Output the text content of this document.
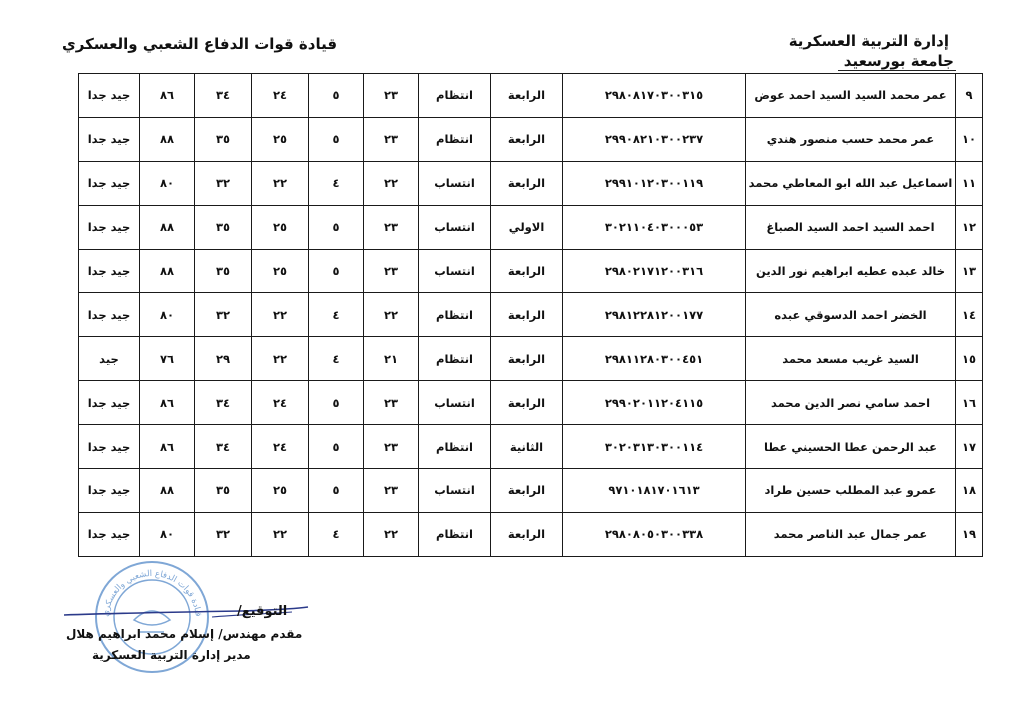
إدارة التربية العسكرية
جامعة بورسعيد
قيادة قوات الدفاع الشعبي والعسكري
٩	عمر محمد السيد السيد احمد عوض	٢٩٨٠٨١٧٠٣٠٠٣١٥	الرابعة	انتظام	٢٣	٥	٢٤	٣٤	٨٦	جيد جدا
١٠	عمر محمد حسب منصور هندي	٢٩٩٠٨٢١٠٣٠٠٢٣٧	الرابعة	انتظام	٢٣	٥	٢٥	٣٥	٨٨	جيد جدا
١١	اسماعيل عبد الله ابو المعاطي محمد	٢٩٩١٠١٢٠٣٠٠١١٩	الرابعة	انتساب	٢٢	٤	٢٢	٣٢	٨٠	جيد جدا
١٢	احمد السيد احمد السيد الصباغ	٣٠٢١١٠٤٠٣٠٠٠٥٣	الاولي	انتساب	٢٣	٥	٢٥	٣٥	٨٨	جيد جدا
١٣	خالد عبده عطيه ابراهيم نور الدين	٢٩٨٠٢١٧١٢٠٠٣١٦	الرابعة	انتساب	٢٣	٥	٢٥	٣٥	٨٨	جيد جدا
١٤	الخضر احمد الدسوقي عبده	٢٩٨١٢٢٨١٢٠٠١٧٧	الرابعة	انتظام	٢٢	٤	٢٢	٣٢	٨٠	جيد جدا
١٥	السيد غريب مسعد محمد	٢٩٨١١٢٨٠٣٠٠٤٥١	الرابعة	انتظام	٢١	٤	٢٢	٢٩	٧٦	جيد
١٦	احمد سامي نصر الدين محمد	٢٩٩٠٢٠١١٢٠٤١١٥	الرابعة	انتساب	٢٣	٥	٢٤	٣٤	٨٦	جيد جدا
١٧	عبد الرحمن عطا الحسيني عطا	٣٠٢٠٣١٣٠٣٠٠١١٤	الثانية	انتظام	٢٣	٥	٢٤	٣٤	٨٦	جيد جدا
١٨	عمرو عبد المطلب حسين طراد	٩٧١٠١٨١٧٠١٦١٣	الرابعة	انتساب	٢٣	٥	٢٥	٣٥	٨٨	جيد جدا
١٩	عمر جمال عبد الناصر محمد	٢٩٨٠٨٠٥٠٣٠٠٣٣٨	الرابعة	انتظام	٢٢	٤	٢٢	٣٢	٨٠	جيد جدا
قيادة قوات الدفاع الشعبي والعسكري	التوقيع/
مقدم مهندس/ إسلام محمد ابراهيم هلال
مدير إدارة التربية العسكرية
